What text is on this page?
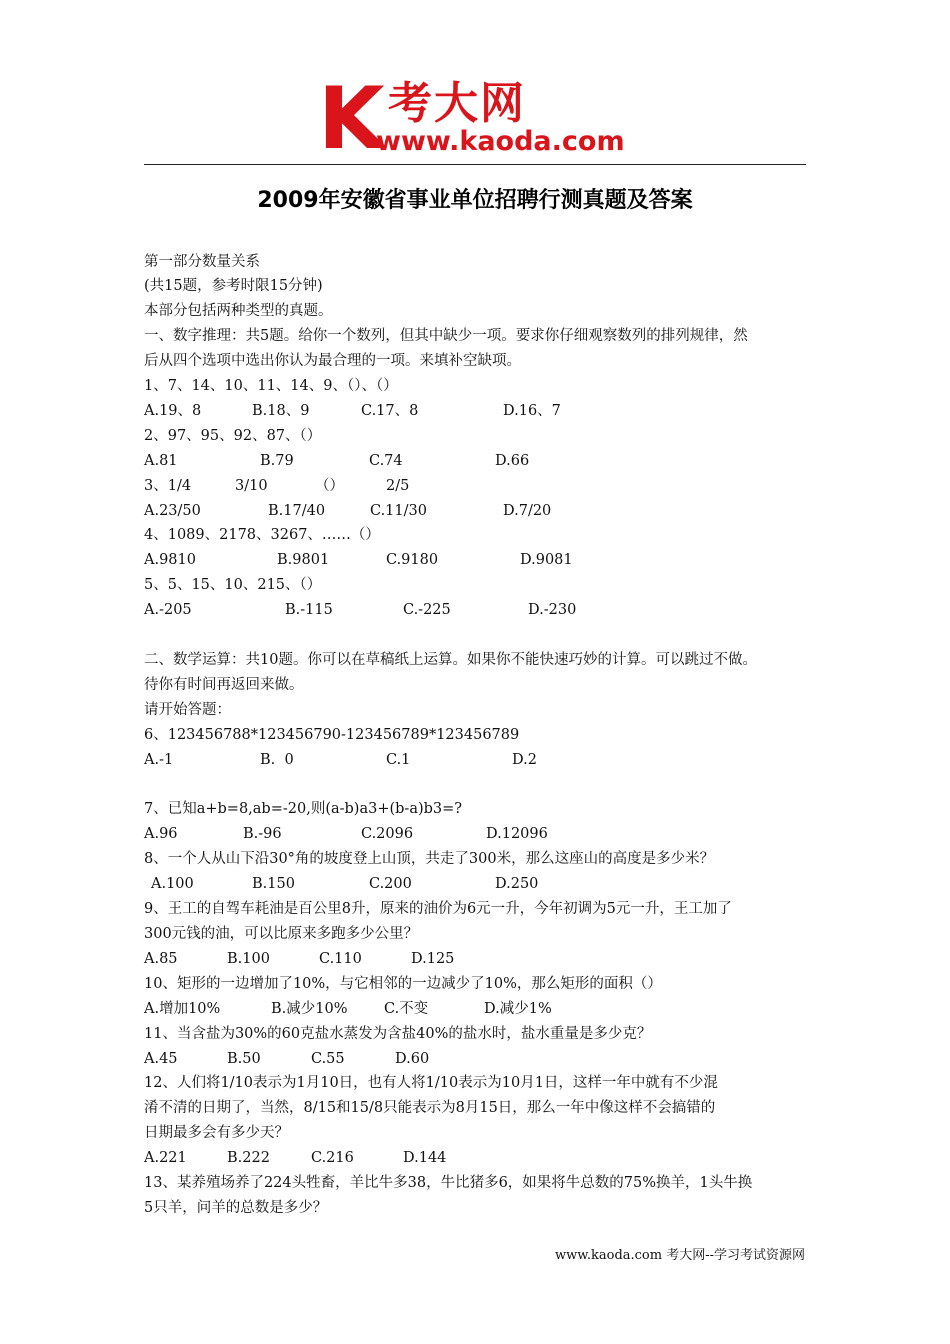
K 考大网
www.kaoda.com
2009年安徽省事业单位招聘行测真题及答案
第一部分数量关系
(共15题，参考时限15分钟)
本部分包括两种类型的真题。
一、数字推理：共5题。给你一个数列，但其中缺少一项。要求你仔细观察数列的排列规律，然
后从四个选项中选出你认为最合理的一项。来填补空缺项。
1、7、14、10、11、14、9、（）、（）
A.19、8	B.18、9	C.17、8	D.16、7
2、97、95、92、87、（）
A.81	B.79	C.74	D.66
3、1/4	3/10	（）	2/5
A.23/50	B.17/40	C.11/30	D.7/20
4、1089、2178、3267、……（）
A.9810	B.9801	C.9180	D.9081
5、5、15、10、215、（）
A.-205	B.-115	C.-225	D.-230
二、数学运算：共10题。你可以在草稿纸上运算。如果你不能快速巧妙的计算。可以跳过不做。
待你有时间再返回来做。
请开始答题：
6、123456788*123456790-123456789*123456789
A.-1	B.  0	C.1	D.2
7、已知a+b=8,ab=-20,则(a-b)a3+(b-a)b3=?
A.96	B.-96	C.2096	D.12096
8、一个人从山下沿30°角的坡度登上山顶，共走了300米，那么这座山的高度是多少米？
A.100	B.150	C.200	D.250
9、王工的自驾车耗油是百公里8升，原来的油价为6元一升，今年初调为5元一升，王工加了
300元钱的油，可以比原来多跑多少公里？
A.85	B.100	C.110	D.125
10、矩形的一边增加了10%，与它相邻的一边减少了10%，那么矩形的面积（）
A.增加10%	B.减少10%	C.不变	D.减少1%
11、当含盐为30%的60克盐水蒸发为含盐40%的盐水时，盐水重量是多少克？
A.45	B.50	C.55	D.60
12、人们将1/10表示为1月10日，也有人将1/10表示为10月1日，这样一年中就有不少混
淆不清的日期了，当然，8/15和15/8只能表示为8月15日，那么一年中像这样不会搞错的
日期最多会有多少天？
A.221	B.222	C.216	D.144
13、某养殖场养了224头牲畜，羊比牛多38，牛比猪多6，如果将牛总数的75%换羊，1头牛换
5只羊，问羊的总数是多少？
www.kaoda.com 考大网--学习考试资源网
